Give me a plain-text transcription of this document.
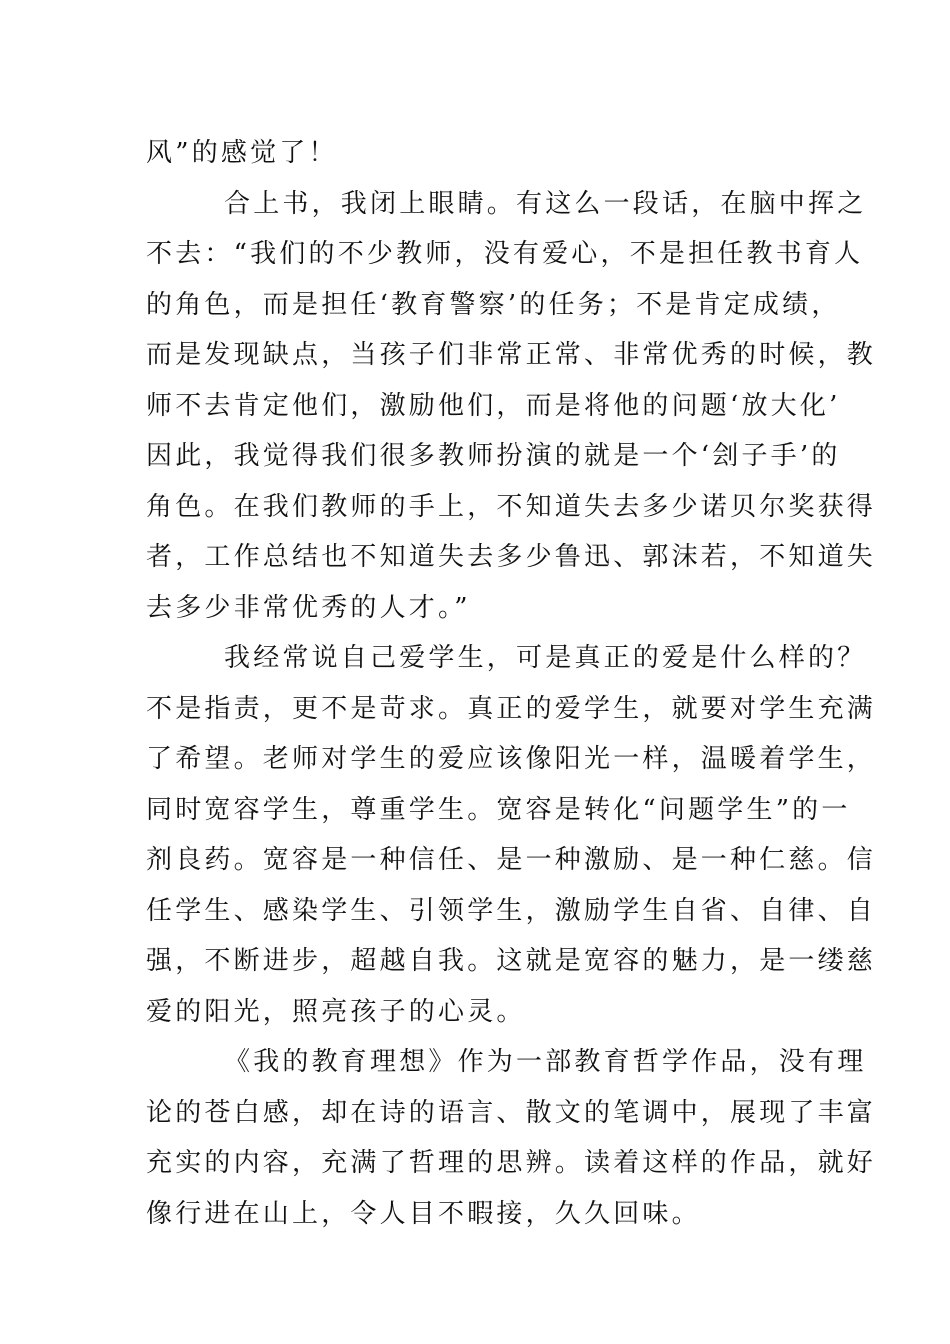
风”的感觉了！

合上书，我闭上眼睛。有这么一段话，在脑中挥之
不去：“我们的不少教师，没有爱心，不是担任教书育人
的角色，而是担任‘教育警察’的任务；不是肯定成绩，
而是发现缺点，当孩子们非常正常、非常优秀的时候，教
师不去肯定他们，激励他们，而是将他的问题‘放大化’
因此，我觉得我们很多教师扮演的就是一个‘刽子手’的
角色。在我们教师的手上，不知道失去多少诺贝尔奖获得
者，工作总结也不知道失去多少鲁迅、郭沫若，不知道失
去多少非常优秀的人才。”

我经常说自己爱学生，可是真正的爱是什么样的？
不是指责，更不是苛求。真正的爱学生，就要对学生充满
了希望。老师对学生的爱应该像阳光一样，温暖着学生，
同时宽容学生，尊重学生。宽容是转化“问题学生”的一
剂良药。宽容是一种信任、是一种激励、是一种仁慈。信
任学生、感染学生、引领学生，激励学生自省、自律、自
强，不断进步，超越自我。这就是宽容的魅力，是一缕慈
爱的阳光，照亮孩子的心灵。

《我的教育理想》作为一部教育哲学作品，没有理
论的苍白感，却在诗的语言、散文的笔调中，展现了丰富
充实的内容，充满了哲理的思辨。读着这样的作品，就好
像行进在山上，令人目不暇接，久久回味。
